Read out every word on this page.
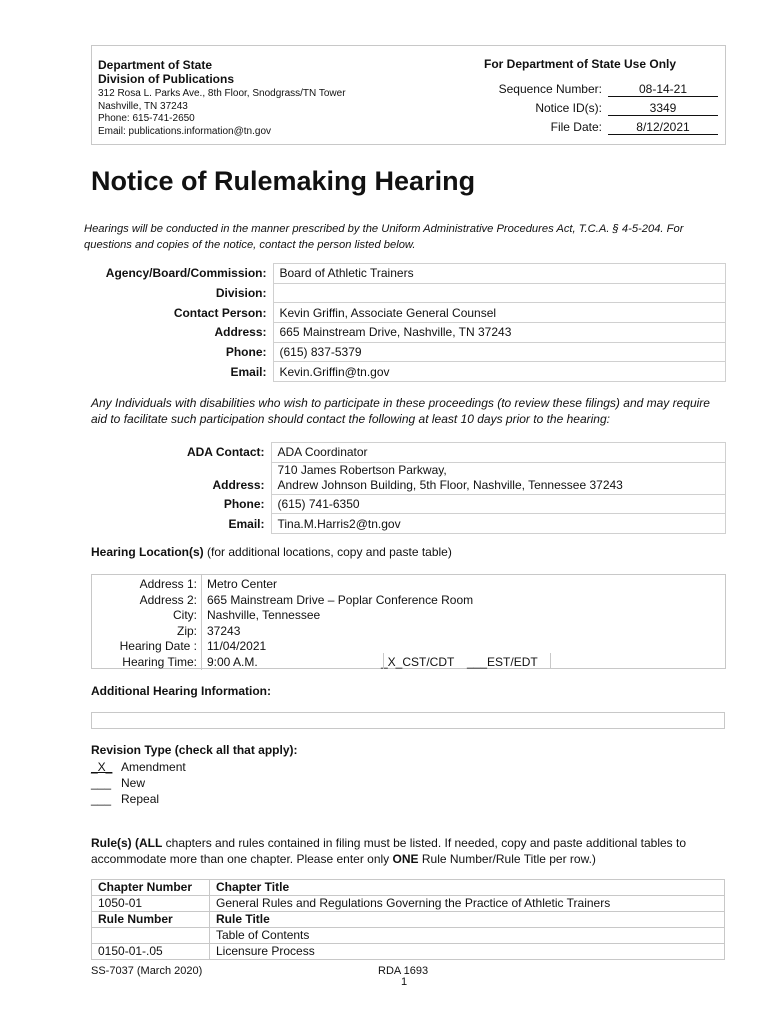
Department of State
Division of Publications
312 Rosa L. Parks Ave., 8th Floor, Snodgrass/TN Tower
Nashville, TN 37243
Phone: 615-741-2650
Email: publications.information@tn.gov
For Department of State Use Only
Sequence Number:	08-14-21
Notice ID(s):	3349
File Date:	8/12/2021
Notice of Rulemaking Hearing
Hearings will be conducted in the manner prescribed by the Uniform Administrative Procedures Act, T.C.A. § 4-5-204. For questions and copies of the notice, contact the person listed below.
Agency/Board/Commission:	Board of Athletic Trainers
Division:	
Contact Person:	Kevin Griffin, Associate General Counsel
Address:	665 Mainstream Drive, Nashville, TN 37243
Phone:	(615) 837-5379
Email:	Kevin.Griffin@tn.gov
Any Individuals with disabilities who wish to participate in these proceedings (to review these filings) and may require aid to facilitate such participation should contact the following at least 10 days prior to the hearing:
ADA Contact:	ADA Coordinator
Address:	710 James Robertson Parkway,
Andrew Johnson Building, 5th Floor, Nashville, Tennessee 37243

Phone:	(615) 741-6350
Email:	Tina.M.Harris2@tn.gov
Hearing Location(s) (for additional locations, copy and paste table)
Address 1: Metro Center
Address 2: 665 Mainstream Drive – Poplar Conference Room
City: Nashville, Tennessee
Zip: 37243
Hearing Date : 11/04/2021
Hearing Time: 9:00 A.M.	_X_CST/CDT ___EST/EDT
Additional Hearing Information:
Revision Type (check all that apply):
_X_ Amendment
___ New
___ Repeal
Rule(s) (ALL chapters and rules contained in filing must be listed. If needed, copy and paste additional tables to accommodate more than one chapter. Please enter only ONE Rule Number/Rule Title per row.)
Chapter Number	Chapter Title
1050-01	General Rules and Regulations Governing the Practice of Athletic Trainers
Rule Number	Rule Title
	Table of Contents
0150-01-.05	Licensure Process
SS-7037 (March 2020)	RDA 1693
1
